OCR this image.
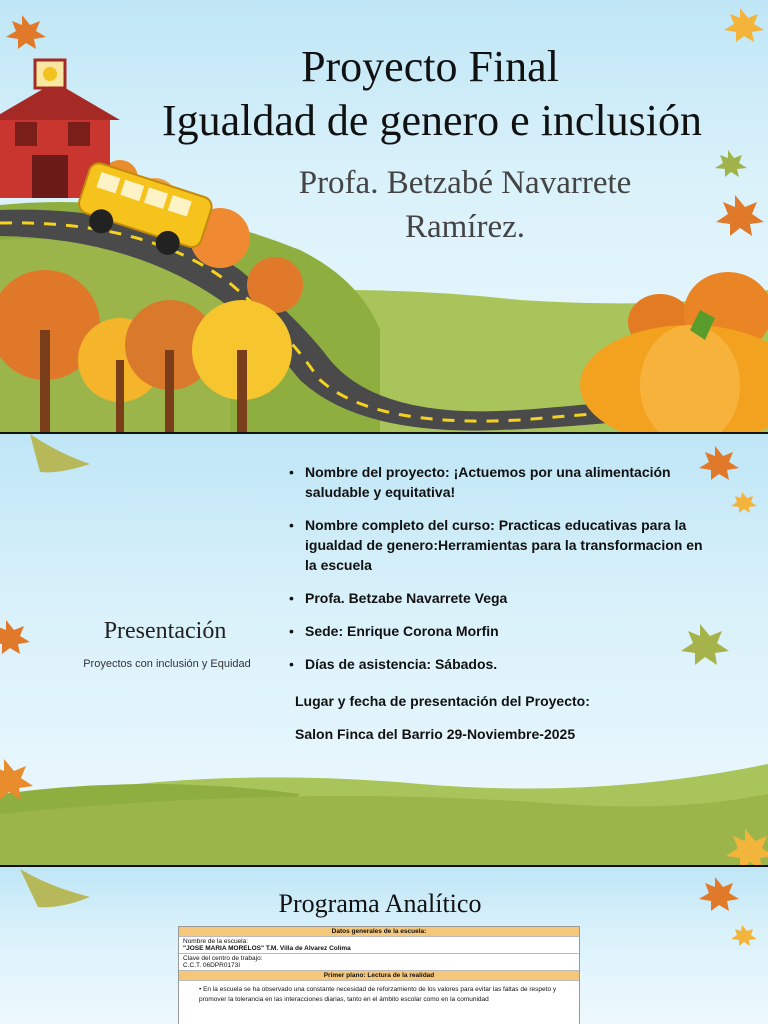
Proyecto Final
Igualdad de genero e inclusión
Profa. Betzabé Navarrete
Ramírez.
• Nombre del proyecto: ¡Actuemos por una alimentación saludable y equitativa!
• Nombre completo del curso: Practicas educativas para la igualdad de genero:Herramientas para la transformacion en la escuela
• Profa. Betzabe Navarrete Vega
• Sede: Enrique Corona Morfin
• Días de asistencia: Sábados.
Lugar y fecha de presentación del Proyecto:
Salon Finca del Barrio 29-Noviembre-2025
Presentación
Proyectos con inclusión y Equidad
Programa Analítico
Datos generales de la escuela:
Nombre de la escuela:
"JOSE MARIA MORELOS" T.M. Villa de Alvarez Colima
Clave del centro de trabajo:
C.C.T. 06DPR0173I
Primer plano: Lectura de la realidad

• En la escuela se ha observado una constante necesidad de reforzamiento de los valores para evitar las faltas de respeto y promover la tolerancia en las interacciones diarias, tanto en el ámbito escolar como en la comunidad
